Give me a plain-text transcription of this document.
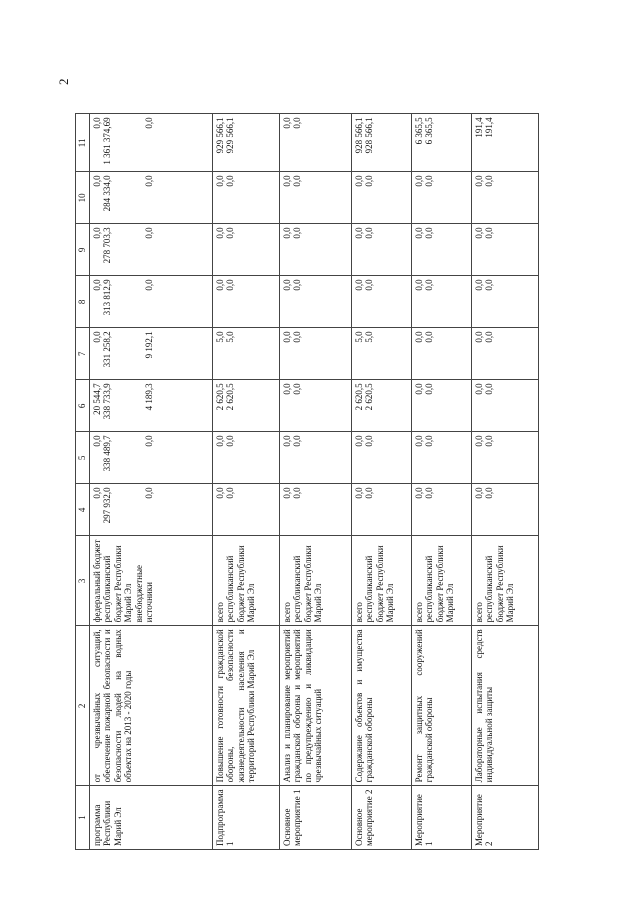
2
1	2	3	4	5	6	7	8	9	10	11
программа Республики Марий Эл	от чрезвычайных ситуаций, обеспечение пожарной безопасности и безопасности людей на водных объектах на 2013 - 2020 годы	федеральный бюджет республиканский бюджет Республики Марий Эл внебюджетные источники	0,0 297 932,0 0,0	0,0 338 489,7 0,0	20 544,7 338 733,9 4 189,3	0,0 331 258,2 9 192,1	0,0 313 812,9 0,0	0,0 278 703,3 0,0	0,0 284 334,0 0,0	0,0 1 361 374,69 0,0

Подпрограмма 1	Повышение готовности гражданской обороны, безопасности жизнедеятельности населения и территорий Республики Марий Эл	всего республиканский бюджет Республики Марий Эл	0,0 0,0	0,0 0,0	2 620,5 2 620,5	5,0 5,0	0,0 0,0	0,0 0,0	0,0 0,0	929 566,1 929 566,1

Основное мероприятие 1	Анализ и планирование мероприятий гражданской обороны и мероприятий по предупреждению и ликвидации чрезвычайных ситуаций	всего республиканский бюджет Республики Марий Эл	0,0 0,0	0,0 0,0	0,0 0,0	0,0 0,0	0,0 0,0	0,0 0,0	0,0 0,0	0,0 0,0

Основное мероприятие 2	Содержание объектов и имущества гражданской обороны	всего республиканский бюджет Республики Марий Эл	0,0 0,0	0,0 0,0	2 620,5 2 620,5	5,0 5,0	0,0 0,0	0,0 0,0	0,0 0,0	928 566,1 928 566,1

Мероприятие 1	Ремонт защитных сооружений гражданской обороны	всего республиканский бюджет Республики Марий Эл	0,0 0,0	0,0 0,0	0,0 0,0	0,0 0,0	0,0 0,0	0,0 0,0	0,0 0,0	6 365,5 6 365,5

Мероприятие 2	Лабораторные испытания средств индивидуальной защиты	всего республиканский бюджет Республики Марий Эл	0,0 0,0	0,0 0,0	0,0 0,0	0,0 0,0	0,0 0,0	0,0 0,0	0,0 0,0	191,4 191,4
